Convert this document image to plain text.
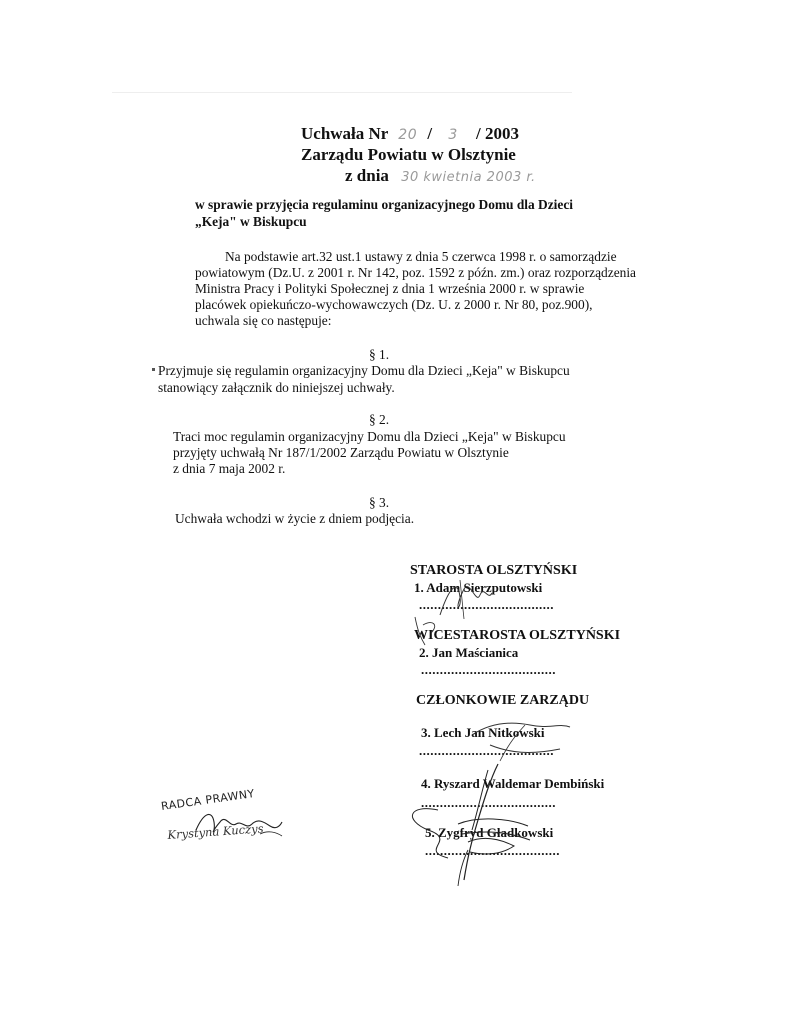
Uchwała Nr 20 / 3 / 2003
Zarządu Powiatu w Olsztynie
z dnia 30 kwietnia 2003 r.
w sprawie przyjęcia regulaminu organizacyjnego Domu dla Dzieci
„Keja" w Biskupcu
Na podstawie art.32 ust.1 ustawy z dnia 5 czerwca 1998 r. o samorządzie
powiatowym (Dz.U. z 2001 r. Nr 142, poz. 1592 z późn. zm.) oraz rozporządzenia
Ministra Pracy i Polityki Społecznej z dnia 1 września 2000 r. w sprawie
placówek opiekuńczo-wychowawczych (Dz. U. z 2000 r. Nr 80, poz.900),
uchwala się co następuje:
§ 1.
Przyjmuje się regulamin organizacyjny Domu dla Dzieci „Keja" w Biskupcu
stanowiący załącznik do niniejszej uchwały.
§ 2.
Traci moc regulamin organizacyjny Domu dla Dzieci „Keja" w Biskupcu
przyjęty uchwałą Nr 187/1/2002 Zarządu Powiatu w Olsztynie
z dnia 7 maja 2002 r.
§ 3.
Uchwała wchodzi w życie z dniem podjęcia.
STAROSTA OLSZTYŃSKI
1. Adam Sierzputowski
....................................
WICESTAROSTA OLSZTYŃSKI
2. Jan Maścianica
....................................
CZŁONKOWIE ZARZĄDU
3. Lech Jan Nitkowski
....................................
4. Ryszard Waldemar Dembiński
....................................
5. Zygfryd Gładkowski
....................................
RADCA PRAWNY
Krystyna Kuczys
